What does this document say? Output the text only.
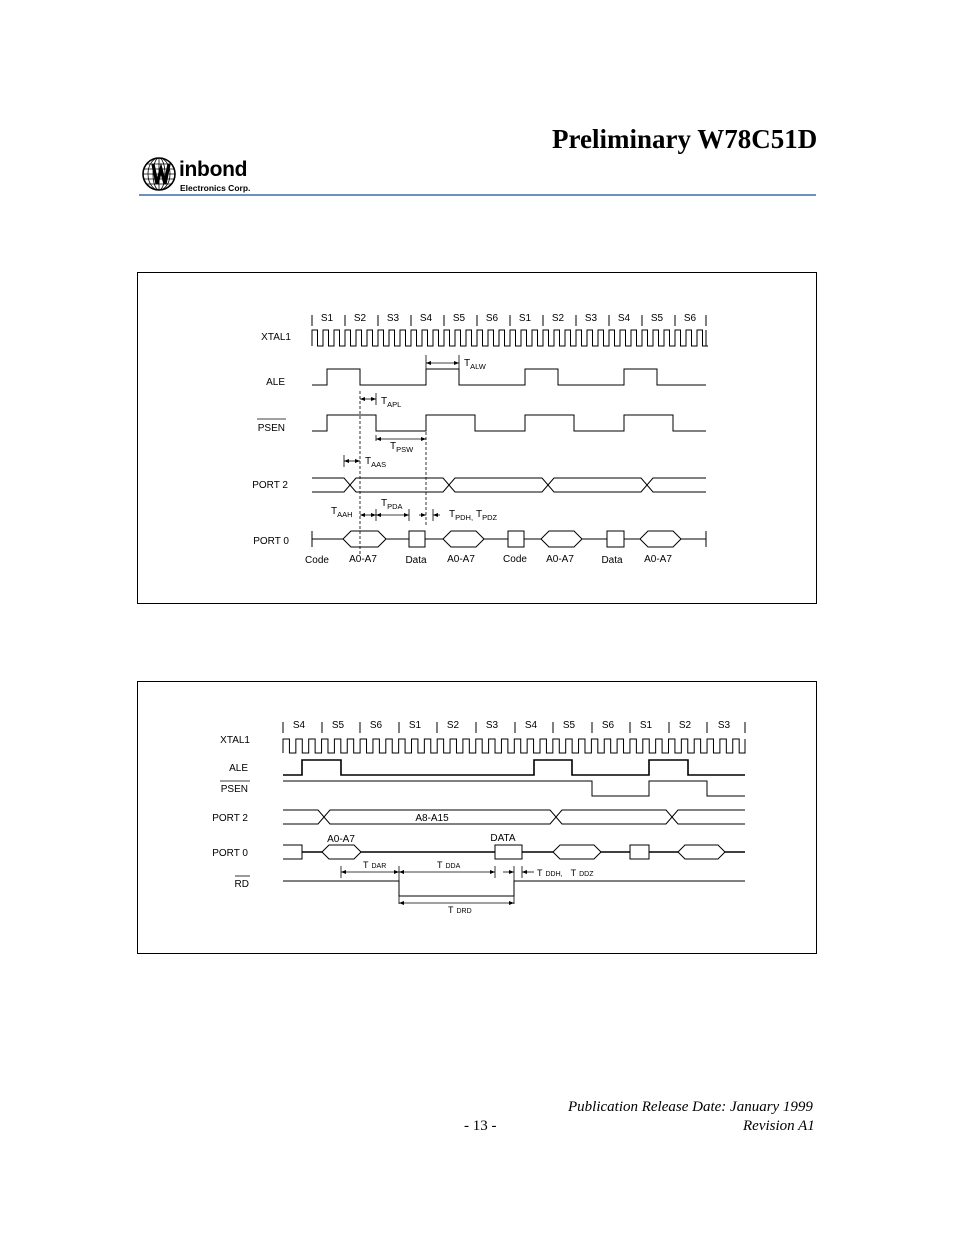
Preliminary W78C51D
inbond
Electronics Corp.
S1 S2 S3 S4 S5 S6 S1 S2 S3 S4 S5 S6
XTAL1
ALE
PSEN
PORT 2
PORT 0
Code A0-A7	Data A0-A7	Code A0-A7	Data A0-A7
$T_{ALW}$
$T_{APL}$
$T_{PSW}$
$T_{AAS}$
$T_{AAH}$
$T_{PDA}$
$T_{PDH,}$ $T_{PDZ}$
S4	S5	S6	S1	S2	S3	S4	S5	S6	S1	S2	S3
XTAL1
ALE
PSEN
PORT 2
PORT 0
RD
A8-A15
A0-A7	DATA
T DAR	T DDA
T DDH, T DDZ
T DRD
Publication Release Date: January 1999
- 13 -	Revision A1
